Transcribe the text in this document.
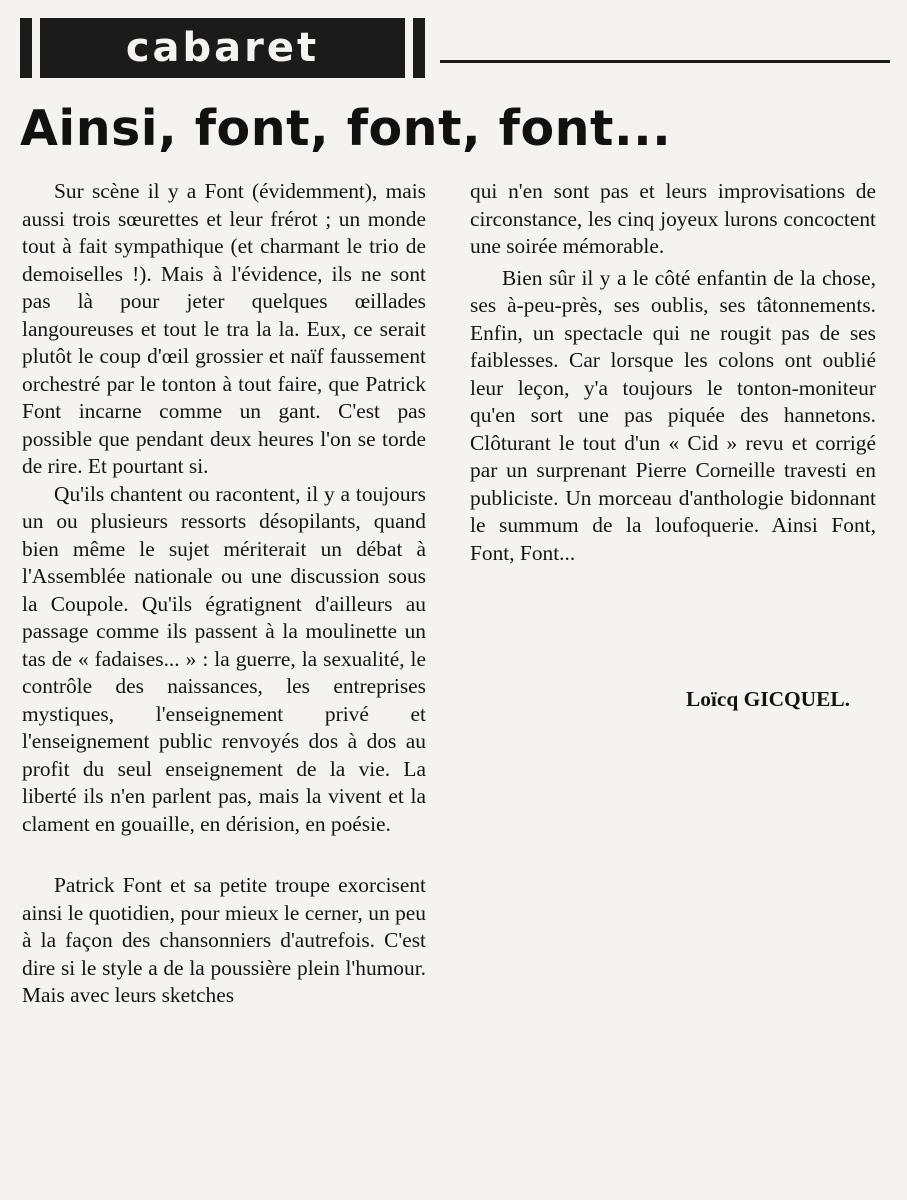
cabaret
Ainsi, font, font, font...

Sur scène il y a Font (évidemment), mais aussi trois sœurettes et leur frérot ; un monde tout à fait sympathique (et charmant le trio de demoiselles !). Mais à l'évidence, ils ne sont pas là pour jeter quelques œillades langoureuses et tout le tra la la. Eux, ce serait plutôt le coup d'œil grossier et naïf faussement orchestré par le tonton à tout faire, que Patrick Font incarne comme un gant. C'est pas possible que pendant deux heures l'on se torde de rire. Et pourtant si.

Qu'ils chantent ou racontent, il y a toujours un ou plusieurs ressorts désopilants, quand bien même le sujet mériterait un débat à l'Assemblée nationale ou une discussion sous la Coupole. Qu'ils égratignent d'ailleurs au passage comme ils passent à la moulinette un tas de « fadaises... » : la guerre, la sexualité, le contrôle des naissances, les entreprises mystiques, l'enseignement privé et l'enseignement public renvoyés dos à dos au profit du seul enseignement de la vie. La liberté ils n'en parlent pas, mais la vivent et la clament en gouaille, en dérision, en poésie.

Patrick Font et sa petite troupe exorcisent ainsi le quotidien, pour mieux le cerner, un peu à la façon des chansonniers d'autrefois. C'est dire si le style a de la poussière plein l'humour. Mais avec leurs sketches

qui n'en sont pas et leurs improvisations de circonstance, les cinq joyeux lurons concoctent une soirée mémorable.

Bien sûr il y a le côté enfantin de la chose, ses à-peu-près, ses oublis, ses tâtonnements. Enfin, un spectacle qui ne rougit pas de ses faiblesses. Car lorsque les colons ont oublié leur leçon, y'a toujours le tonton-moniteur qu'en sort une pas piquée des hannetons. Clôturant le tout d'un « Cid » revu et corrigé par un surprenant Pierre Corneille travesti en publiciste. Un morceau d'anthologie bidonnant le summum de la loufoquerie. Ainsi Font, Font, Font...

Loïcq GICQUEL.
